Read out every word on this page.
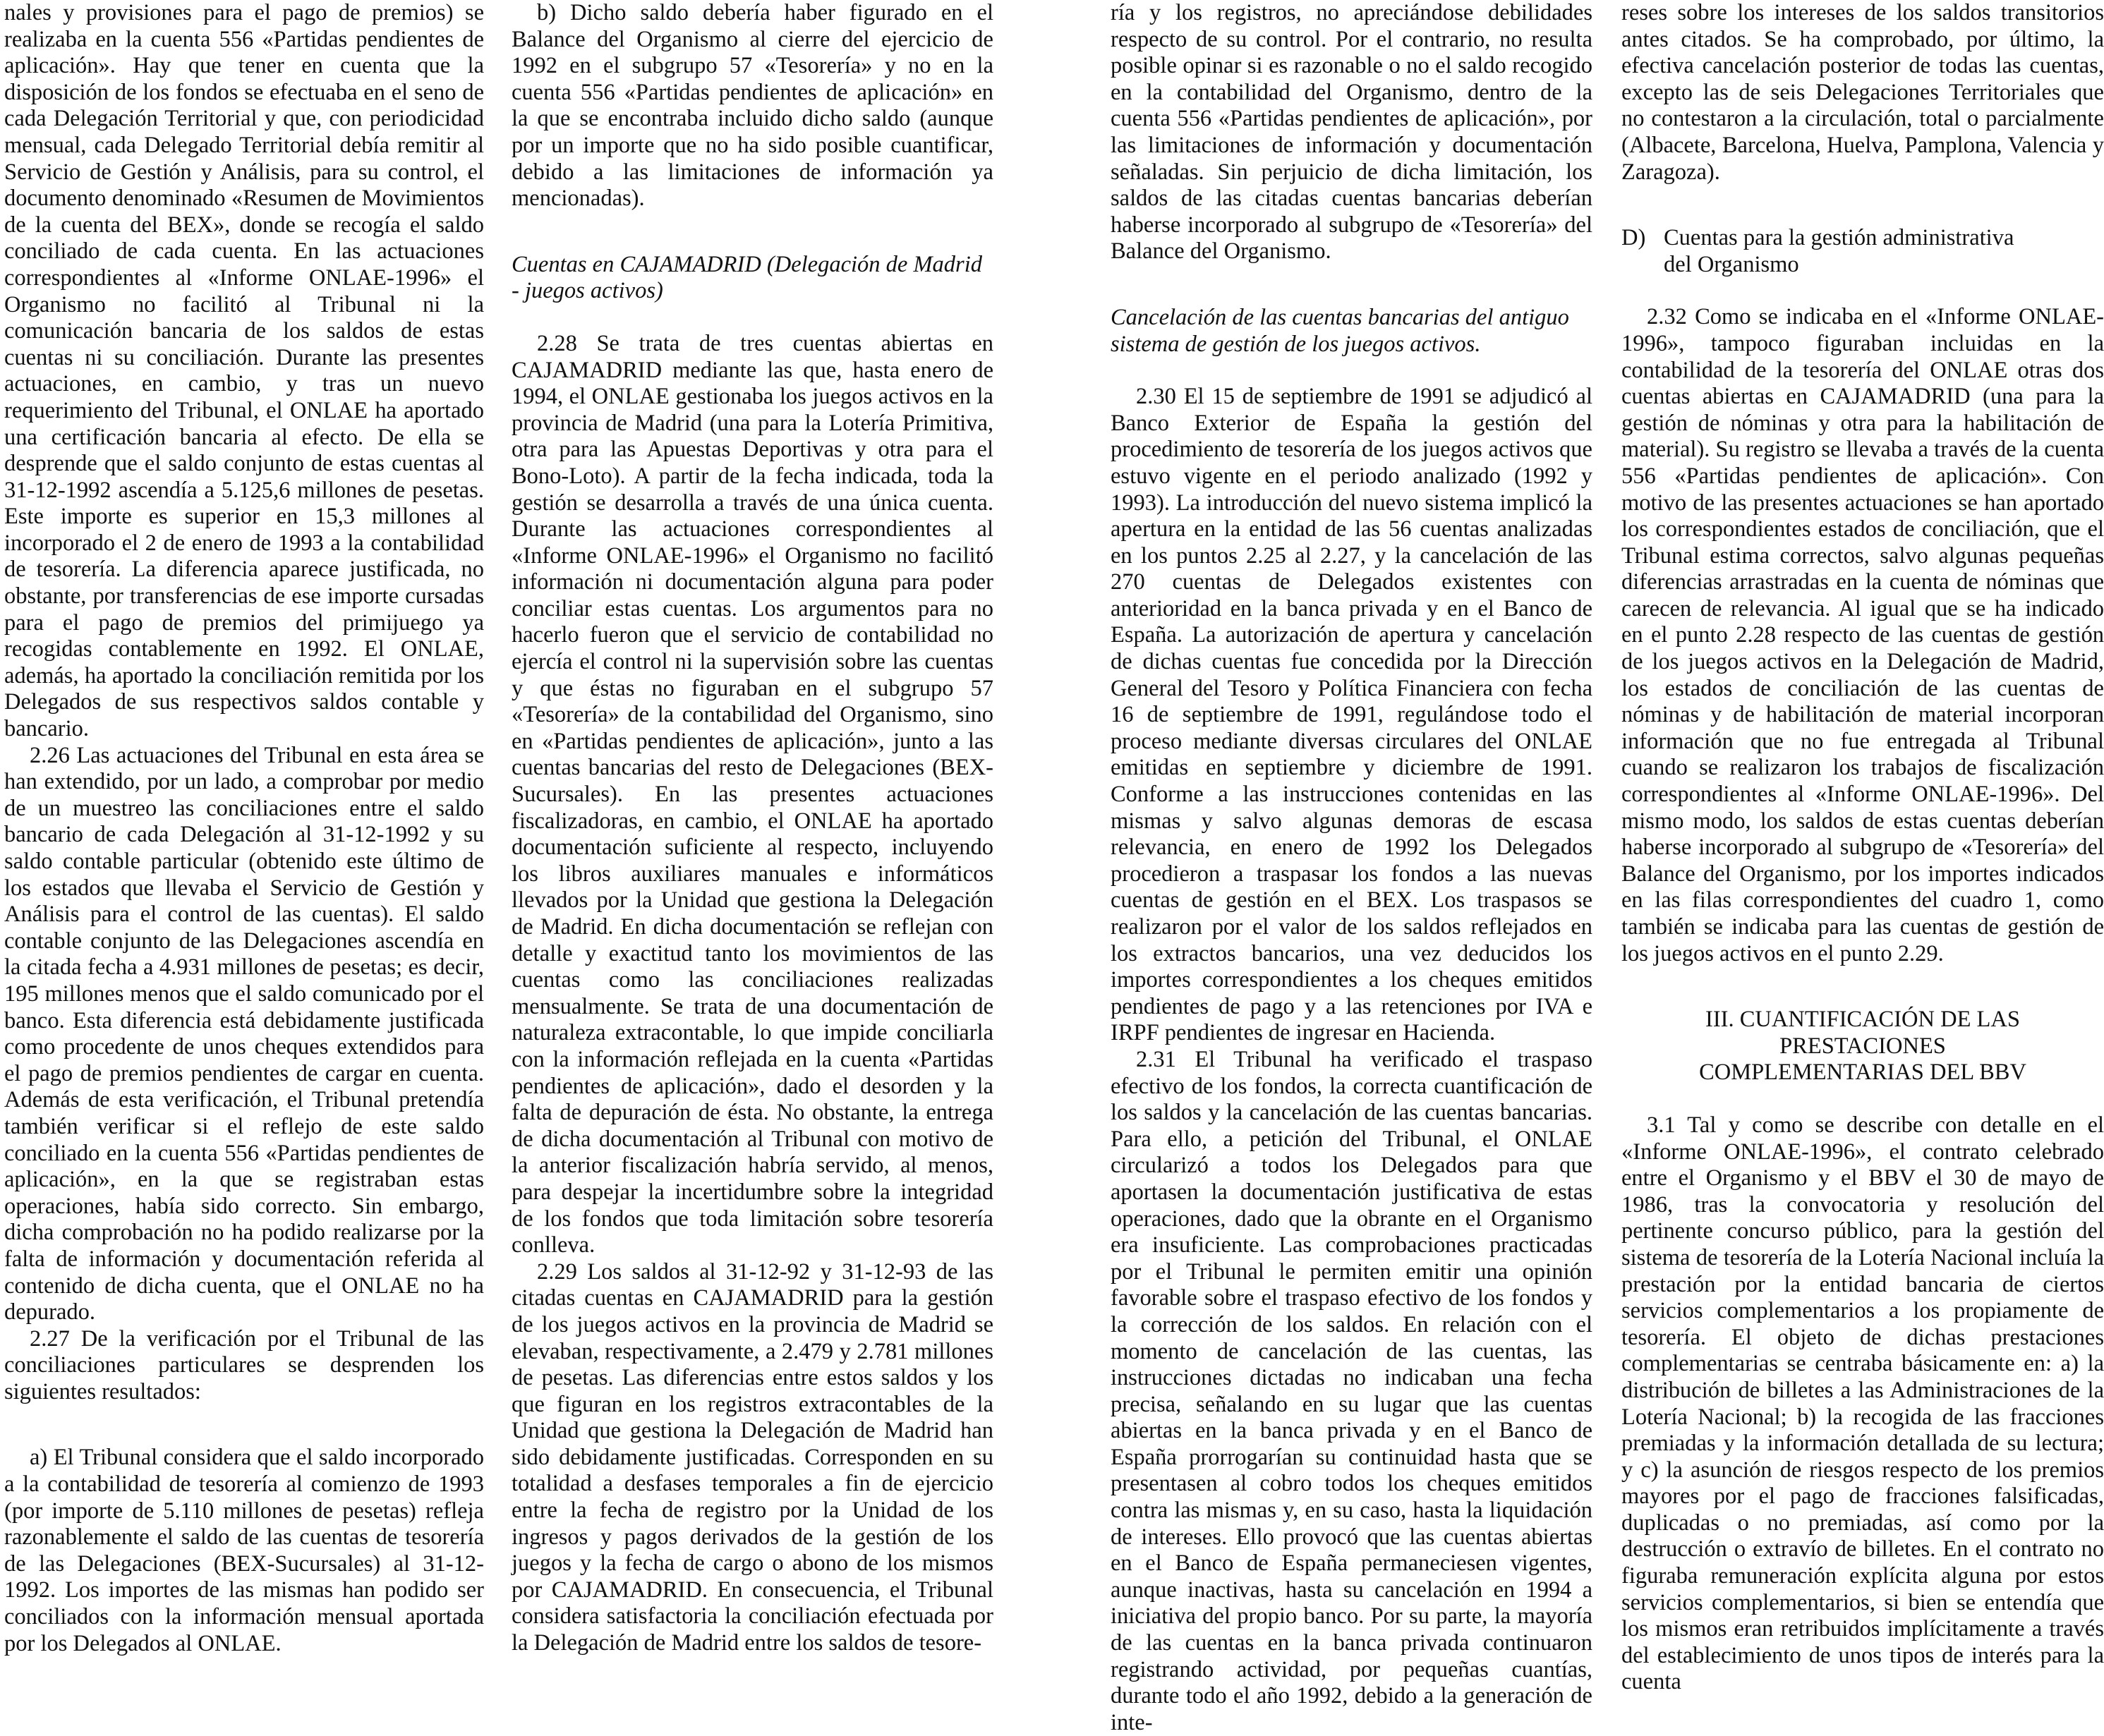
nales y provisiones para el pago de premios) se realizaba en la cuenta 556 «Partidas pendientes de aplicación». Hay que tener en cuenta que la disposición de los fondos se efectuaba en el seno de cada Delegación Territorial y que, con periodicidad mensual, cada Delegado Territorial debía remitir al Servicio de Gestión y Análisis, para su control, el documento denominado «Resumen de Movimientos de la cuenta del BEX», donde se recogía el saldo conciliado de cada cuenta. En las actuaciones correspondientes al «Informe ONLAE-1996» el Organismo no facilitó al Tribunal ni la comunicación bancaria de los saldos de estas cuentas ni su conciliación. Durante las presentes actuaciones, en cambio, y tras un nuevo requerimiento del Tribunal, el ONLAE ha aportado una certificación bancaria al efecto. De ella se desprende que el saldo conjunto de estas cuentas al 31-12-1992 ascendía a 5.125,6 millones de pesetas. Este importe es superior en 15,3 millones al incorporado el 2 de enero de 1993 a la contabilidad de tesorería. La diferencia aparece justificada, no obstante, por transferencias de ese importe cursadas para el pago de premios del primijuego ya recogidas contablemente en 1992. El ONLAE, además, ha aportado la conciliación remitida por los Delegados de sus respectivos saldos contable y bancario.

2.26 Las actuaciones del Tribunal en esta área se han extendido, por un lado, a comprobar por medio de un muestreo las conciliaciones entre el saldo bancario de cada Delegación al 31-12-1992 y su saldo contable particular (obtenido este último de los estados que llevaba el Servicio de Gestión y Análisis para el control de las cuentas). El saldo contable conjunto de las Delegaciones ascendía en la citada fecha a 4.931 millones de pesetas; es decir, 195 millones menos que el saldo comunicado por el banco. Esta diferencia está debidamente justificada como procedente de unos cheques extendidos para el pago de premios pendientes de cargar en cuenta. Además de esta verificación, el Tribunal pretendía también verificar si el reflejo de este saldo conciliado en la cuenta 556 «Partidas pendientes de aplicación», en la que se registraban estas operaciones, había sido correcto. Sin embargo, dicha comprobación no ha podido realizarse por la falta de información y documentación referida al contenido de dicha cuenta, que el ONLAE no ha depurado.

2.27 De la verificación por el Tribunal de las conciliaciones particulares se desprenden los siguientes resultados:

a) El Tribunal considera que el saldo incorporado a la contabilidad de tesorería al comienzo de 1993 (por importe de 5.110 millones de pesetas) refleja razonablemente el saldo de las cuentas de tesorería de las Delegaciones (BEX-Sucursales) al 31-12-1992. Los importes de las mismas han podido ser conciliados con la información mensual aportada por los Delegados al ONLAE.

b) Dicho saldo debería haber figurado en el Balance del Organismo al cierre del ejercicio de 1992 en el subgrupo 57 «Tesorería» y no en la cuenta 556 «Partidas pendientes de aplicación» en la que se encontraba incluido dicho saldo (aunque por un importe que no ha sido posible cuantificar, debido a las limitaciones de información ya mencionadas).

Cuentas en CAJAMADRID (Delegación de Madrid - juegos activos)

2.28 Se trata de tres cuentas abiertas en CAJAMADRID mediante las que, hasta enero de 1994, el ONLAE gestionaba los juegos activos en la provincia de Madrid (una para la Lotería Primitiva, otra para las Apuestas Deportivas y otra para el Bono-Loto). A partir de la fecha indicada, toda la gestión se desarrolla a través de una única cuenta. Durante las actuaciones correspondientes al «Informe ONLAE-1996» el Organismo no facilitó información ni documentación alguna para poder conciliar estas cuentas. Los argumentos para no hacerlo fueron que el servicio de contabilidad no ejercía el control ni la supervisión sobre las cuentas y que éstas no figuraban en el subgrupo 57 «Tesorería» de la contabilidad del Organismo, sino en «Partidas pendientes de aplicación», junto a las cuentas bancarias del resto de Delegaciones (BEX-Sucursales). En las presentes actuaciones fiscalizadoras, en cambio, el ONLAE ha aportado documentación suficiente al respecto, incluyendo los libros auxiliares manuales e informáticos llevados por la Unidad que gestiona la Delegación de Madrid. En dicha documentación se reflejan con detalle y exactitud tanto los movimientos de las cuentas como las conciliaciones realizadas mensualmente. Se trata de una documentación de naturaleza extracontable, lo que impide conciliarla con la información reflejada en la cuenta «Partidas pendientes de aplicación», dado el desorden y la falta de depuración de ésta. No obstante, la entrega de dicha documentación al Tribunal con motivo de la anterior fiscalización habría servido, al menos, para despejar la incertidumbre sobre la integridad de los fondos que toda limitación sobre tesorería conlleva.

2.29 Los saldos al 31-12-92 y 31-12-93 de las citadas cuentas en CAJAMADRID para la gestión de los juegos activos en la provincia de Madrid se elevaban, respectivamente, a 2.479 y 2.781 millones de pesetas. Las diferencias entre estos saldos y los que figuran en los registros extracontables de la Unidad que gestiona la Delegación de Madrid han sido debidamente justificadas. Corresponden en su totalidad a desfases temporales a fin de ejercicio entre la fecha de registro por la Unidad de los ingresos y pagos derivados de la gestión de los juegos y la fecha de cargo o abono de los mismos por CAJAMADRID. En consecuencia, el Tribunal considera satisfactoria la conciliación efectuada por la Delegación de Madrid entre los saldos de tesore-

ría y los registros, no apreciándose debilidades respecto de su control. Por el contrario, no resulta posible opinar si es razonable o no el saldo recogido en la contabilidad del Organismo, dentro de la cuenta 556 «Partidas pendientes de aplicación», por las limitaciones de información y documentación señaladas. Sin perjuicio de dicha limitación, los saldos de las citadas cuentas bancarias deberían haberse incorporado al subgrupo de «Tesorería» del Balance del Organismo.

Cancelación de las cuentas bancarias del antiguo sistema de gestión de los juegos activos.

2.30 El 15 de septiembre de 1991 se adjudicó al Banco Exterior de España la gestión del procedimiento de tesorería de los juegos activos que estuvo vigente en el periodo analizado (1992 y 1993). La introducción del nuevo sistema implicó la apertura en la entidad de las 56 cuentas analizadas en los puntos 2.25 al 2.27, y la cancelación de las 270 cuentas de Delegados existentes con anterioridad en la banca privada y en el Banco de España. La autorización de apertura y cancelación de dichas cuentas fue concedida por la Dirección General del Tesoro y Política Financiera con fecha 16 de septiembre de 1991, regulándose todo el proceso mediante diversas circulares del ONLAE emitidas en septiembre y diciembre de 1991. Conforme a las instrucciones contenidas en las mismas y salvo algunas demoras de escasa relevancia, en enero de 1992 los Delegados procedieron a traspasar los fondos a las nuevas cuentas de gestión en el BEX. Los traspasos se realizaron por el valor de los saldos reflejados en los extractos bancarios, una vez deducidos los importes correspondientes a los cheques emitidos pendientes de pago y a las retenciones por IVA e IRPF pendientes de ingresar en Hacienda.

2.31 El Tribunal ha verificado el traspaso efectivo de los fondos, la correcta cuantificación de los saldos y la cancelación de las cuentas bancarias. Para ello, a petición del Tribunal, el ONLAE circularizó a todos los Delegados para que aportasen la documentación justificativa de estas operaciones, dado que la obrante en el Organismo era insuficiente. Las comprobaciones practicadas por el Tribunal le permiten emitir una opinión favorable sobre el traspaso efectivo de los fondos y la corrección de los saldos. En relación con el momento de cancelación de las cuentas, las instrucciones dictadas no indicaban una fecha precisa, señalando en su lugar que las cuentas abiertas en la banca privada y en el Banco de España prorrogarían su continuidad hasta que se presentasen al cobro todos los cheques emitidos contra las mismas y, en su caso, hasta la liquidación de intereses. Ello provocó que las cuentas abiertas en el Banco de España permaneciesen vigentes, aunque inactivas, hasta su cancelación en 1994 a iniciativa del propio banco. Por su parte, la mayoría de las cuentas en la banca privada continuaron registrando actividad, por pequeñas cuantías, durante todo el año 1992, debido a la generación de inte-

reses sobre los intereses de los saldos transitorios antes citados. Se ha comprobado, por último, la efectiva cancelación posterior de todas las cuentas, excepto las de seis Delegaciones Territoriales que no contestaron a la circulación, total o parcialmente (Albacete, Barcelona, Huelva, Pamplona, Valencia y Zaragoza).

D) Cuentas para la gestión administrativa
del Organismo

2.32 Como se indicaba en el «Informe ONLAE-1996», tampoco figuraban incluidas en la contabilidad de la tesorería del ONLAE otras dos cuentas abiertas en CAJAMADRID (una para la gestión de nóminas y otra para la habilitación de material). Su registro se llevaba a través de la cuenta 556 «Partidas pendientes de aplicación». Con motivo de las presentes actuaciones se han aportado los correspondientes estados de conciliación, que el Tribunal estima correctos, salvo algunas pequeñas diferencias arrastradas en la cuenta de nóminas que carecen de relevancia. Al igual que se ha indicado en el punto 2.28 respecto de las cuentas de gestión de los juegos activos en la Delegación de Madrid, los estados de conciliación de las cuentas de nóminas y de habilitación de material incorporan información que no fue entregada al Tribunal cuando se realizaron los trabajos de fiscalización correspondientes al «Informe ONLAE-1996». Del mismo modo, los saldos de estas cuentas deberían haberse incorporado al subgrupo de «Tesorería» del Balance del Organismo, por los importes indicados en las filas correspondientes del cuadro 1, como también se indicaba para las cuentas de gestión de los juegos activos en el punto 2.29.

III. CUANTIFICACIÓN DE LAS PRESTACIONES
COMPLEMENTARIAS DEL BBV

3.1 Tal y como se describe con detalle en el «Informe ONLAE-1996», el contrato celebrado entre el Organismo y el BBV el 30 de mayo de 1986, tras la convocatoria y resolución del pertinente concurso público, para la gestión del sistema de tesorería de la Lotería Nacional incluía la prestación por la entidad bancaria de ciertos servicios complementarios a los propiamente de tesorería. El objeto de dichas prestaciones complementarias se centraba básicamente en: a) la distribución de billetes a las Administraciones de la Lotería Nacional; b) la recogida de las fracciones premiadas y la información detallada de su lectura; y c) la asunción de riesgos respecto de los premios mayores por el pago de fracciones falsificadas, duplicadas o no premiadas, así como por la destrucción o extravío de billetes. En el contrato no figuraba remuneración explícita alguna por estos servicios complementarios, si bien se entendía que los mismos eran retribuidos implícitamente a través del establecimiento de unos tipos de interés para la cuenta
